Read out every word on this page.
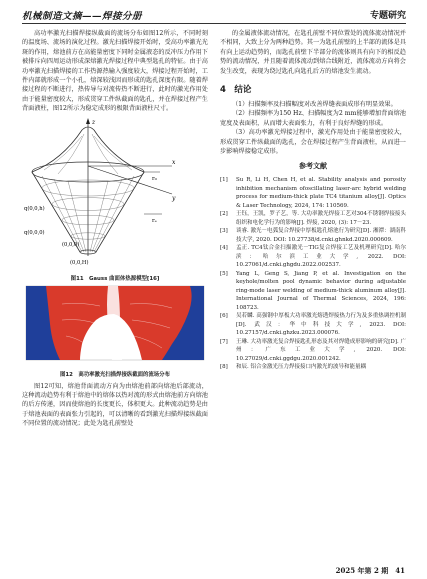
机械制造文摘——焊接分册	专题研究

高功率激光扫描焊接纵截面的流场分布如图12所示，不同时刻的温度场、流场的演化过程。激光扫描焊接开始时，受高功率激光光斑的作用，熔池前方在高能量密度下同时金属液态的反冲压力作用下被排斥向四周运动形成深熔激光焊接过程中典型匙孔的特征。由于高功率激光扫描焊接的工作热源热输入强度较大，焊接过程开始时，工件内部就形成一个小孔，熔深较浅因而形成的匙孔深度有限。随着焊接过程的不断进行，热传导与对流传热不断进行，此时的激光作用处由于能量密度较大，形成贯穿工件纵截面的匙孔，并在焊接过程产生背面液柱，图12所示为稳定成形的极限背面液柱尺寸。

z
x
y
r₀
rₑ
q(0,0,h)
q(0,0,0)
(0,0,0)
(0,0,H)
图11　Gauss 曲面体热源模型[16]
图12　高功率激光扫描焊接纵截面的流场分布

图12可知，熔池背面流动方向为由熔池前部向熔池后部流动，这种流动趋势有利于熔池中的熔体以热对流的形式由熔池前方向熔池的后方传递，因而使熔池的长度更长，体积更大。此种流动趋势是由于熔池表面的表面张力引起的，可以清晰的看到激光扫描焊接纵截面不同位置的流动情况；此处为匙孔前壁处

的金属液体流动情况，在匙孔前壁不同位置处的流体流动情况并不相同，大致上分为两种趋势。其一为匙孔前壁的上半部的流体是具有向上运动趋势的，而匙孔前壁下半部分的流体则具有向下的相反趋势的流动情况，并且随着流体流动到熔合线附近，流体流动方向将会发生改变，表现为绕过匙孔向匙孔后方的熔池发生流动。

4　结论

（1）扫描频率及扫描幅度对改善焊缝表面成形有明显效果。

（2）扫描频率为150 Hz、扫描幅度为2 mm能够增加背面熔池宽度及表面积，从而增大表面张力，有利于良好焊缝的形成。

（3）高功率激光焊接过程中，激光作用处由于能量密度较大，形成贯穿工件纵截面的匙孔，会在焊接过程产生背面液柱，从而进一步影响焊接稳定成形。

参考文献
[1]	Su R, Li H, Chen H, et al. Stability analysis and porosity inhibition mechanism ofoscillating laser-arc hybrid welding process for medium-thick plate TC4 titanium alloy[J]. Optics & Laser Technology, 2024, 174: 110569.
[2]	王钰，王凯，罗子艺，等. 大功率激光焊接工艺对304不锈钢焊接接头组织和电化学行为的影响[J]. 焊接, 2020, (3): 17－23.
[3]	谈睿. 激光－电弧复合焊接中厚板匙孔熔池行为研究[D]. 湘潭：湖南科技大学, 2020. DOI: 10.27738/d.cnki.ghnkd.2020.000609.
[4]	孟正. TC4钛合金扫描激光－TIG复合焊接工艺及机理研究[D]. 哈尔滨：哈尔滨工业大学, 2022. DOI: 10.27061/d.cnki.ghgdu.2022.002537.
[5]	Yang L, Geng S, Jiang P, et al. Investigation on the keyhole/molten pool dynamic behavior during adjustable ring-mode laser welding of medium-thick aluminum alloy[J]. International Journal of Thermal Sciences, 2024, 196: 108723.
[6]	吴若麟. 高强钢中厚板大功率激光熔透焊接热力行为及多重热调控机制[D]. 武汉：华中科技大学, 2023. DOI: 10.27157/d.cnki.ghzku.2023.000076.
[7]	王琳. 大功率激光复合焊接匙孔形态及其对焊缝成形影响的研究[D]. 广州：广东工业大学, 2020. DOI: 10.27029/d.cnki.ggdgu.2020.001242.
[8]	和辰. 铝合金激光压力焊接接口内激光的波导和能量耦
2025 年第 2 期　41
